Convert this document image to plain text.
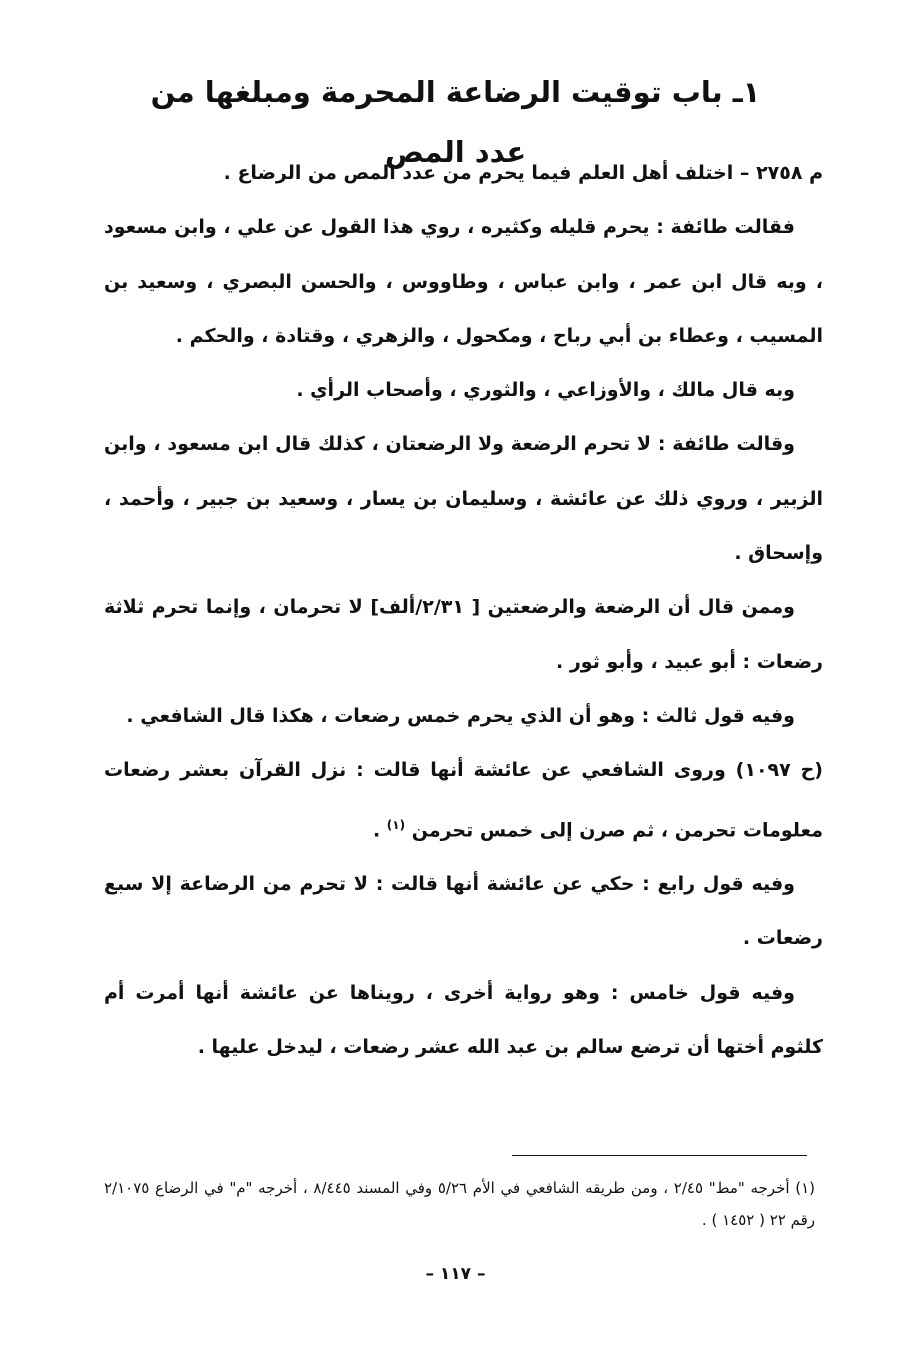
١ـ باب توقيت الرضاعة المحرمة ومبلغها من عدد المص

م ٢٧٥٨ – اختلف أهل العلم فيما يحرم من عدد المص من الرضاع .

فقالت طائفة : يحرم قليله وكثيره ، روي هذا القول عن علي ، وابن مسعود ، وبه قال ابن عمر ، وابن عباس ، وطاووس ، والحسن البصري ، وسعيد بن المسيب ، وعطاء بن أبي رباح ، ومكحول ، والزهري ، وقتادة ، والحكم .

وبه قال مالك ، والأوزاعي ، والثوري ، وأصحاب الرأي .

وقالت طائفة : لا تحرم الرضعة ولا الرضعتان ، كذلك قال ابن مسعود ، وابن الزبير ، وروي ذلك عن عائشة ، وسليمان بن يسار ، وسعيد بن جبير ، وأحمد ، وإسحاق .

وممن قال أن الرضعة والرضعتين [ ٢/٣١/ألف] لا تحرمان ، وإنما تحرم ثلاثة رضعات : أبو عبيد ، وأبو ثور .

وفيه قول ثالث : وهو أن الذي يحرم خمس رضعات ، هكذا قال الشافعي .

(ح ١٠٩٧) وروى الشافعي عن عائشة أنها قالت : نزل القرآن بعشر رضعات معلومات تحرمن ، ثم صرن إلى خمس تحرمن $^{(١)}$ .

وفيه قول رابع : حكي عن عائشة أنها قالت : لا تحرم من الرضاعة إلا سبع رضعات .

وفيه قول خامس : وهو رواية أخرى ، رويناها عن عائشة أنها أمرت أم كلثوم أختها أن ترضع سالم بن عبد الله عشر رضعات ، ليدخل عليها .

(١) أخرجه "مط" ٢/٤٥ ، ومن طريقه الشافعي في الأم ٥/٢٦ وفي المسند ٨/٤٤٥ ، أخرجه "م" في الرضاع ٢/١٠٧٥ رقم ٢٢ ( ١٤٥٢ ) .

– ١١٧ –
